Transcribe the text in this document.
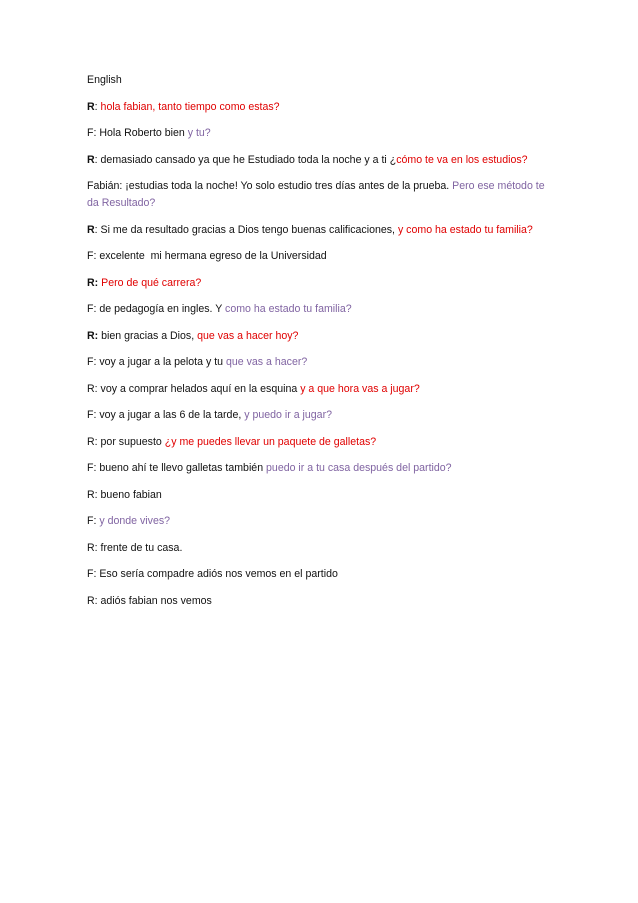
English

R: hola fabian, tanto tiempo como estas?

F: Hola Roberto bien y tu?

R: demasiado cansado ya que he Estudiado toda la noche y a ti ¿cómo te va en los estudios?

Fabián: ¡estudias toda la noche! Yo solo estudio tres días antes de la prueba. Pero ese método te da Resultado?

R: Si me da resultado gracias a Dios tengo buenas calificaciones, y como ha estado tu familia?

F: excelente  mi hermana egreso de la Universidad

R: Pero de qué carrera?

F: de pedagogía en ingles. Y como ha estado tu familia?

R: bien gracias a Dios, que vas a hacer hoy?

F: voy a jugar a la pelota y tu que vas a hacer?

R: voy a comprar helados aquí en la esquina y a que hora vas a jugar?

F: voy a jugar a las 6 de la tarde, y puedo ir a jugar?

R: por supuesto ¿y me puedes llevar un paquete de galletas?

F: bueno ahí te llevo galletas también puedo ir a tu casa después del partido?

R: bueno fabian

F: y donde vives?

R: frente de tu casa.

F: Eso sería compadre adiós nos vemos en el partido

R: adiós fabian nos vemos
